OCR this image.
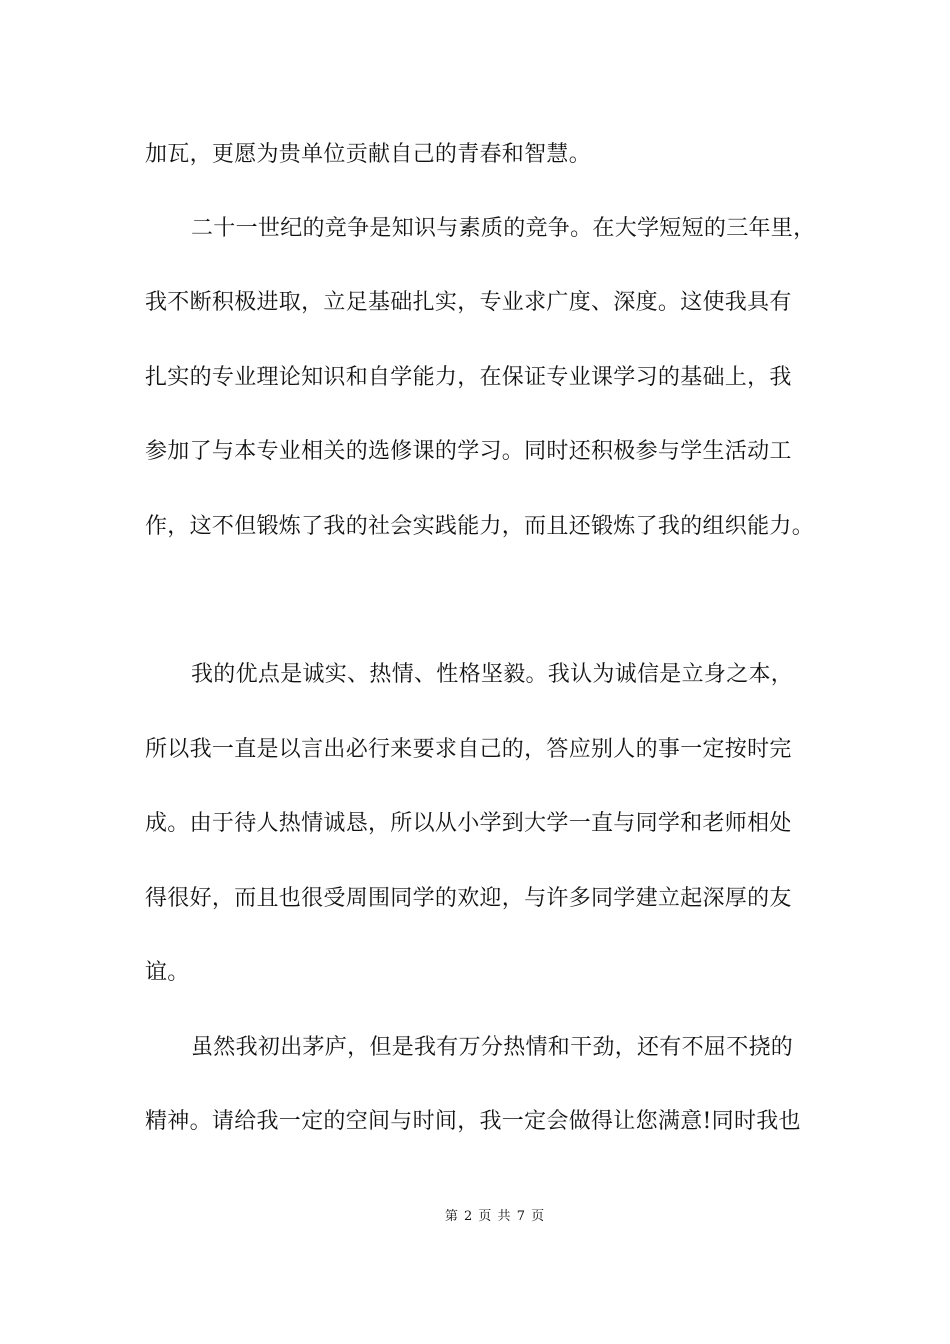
加瓦，更愿为贵单位贡献自己的青春和智慧。
二十一世纪的竞争是知识与素质的竞争。在大学短短的三年里，
我不断积极进取，立足基础扎实，专业求广度、深度。这使我具有
扎实的专业理论知识和自学能力，在保证专业课学习的基础上，我
参加了与本专业相关的选修课的学习。同时还积极参与学生活动工
作，这不但锻炼了我的社会实践能力，而且还锻炼了我的组织能力。
我的优点是诚实、热情、性格坚毅。我认为诚信是立身之本，
所以我一直是以言出必行来要求自己的，答应别人的事一定按时完
成。由于待人热情诚恳，所以从小学到大学一直与同学和老师相处
得很好，而且也很受周围同学的欢迎，与许多同学建立起深厚的友
谊。
虽然我初出茅庐，但是我有万分热情和干劲，还有不屈不挠的
精神。请给我一定的空间与时间，我一定会做得让您满意!同时我也
第 2 页 共 7 页
